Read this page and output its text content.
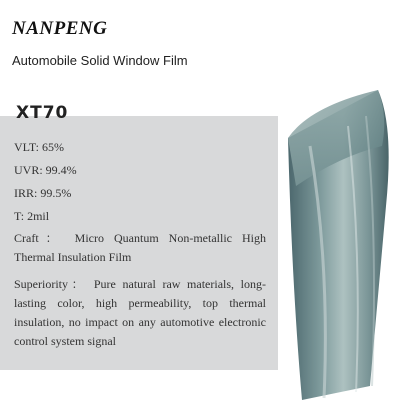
NANPENG
Automobile Solid Window Film
XT70
VLT: 65%
UVR: 99.4%
IRR: 99.5%
T: 2mil
Craft： Micro Quantum Non-metallic High Thermal Insulation Film
Superiority： Pure natural raw materials, long-lasting color, high permeability, top thermal insulation, no impact on any automotive electronic control system signal
